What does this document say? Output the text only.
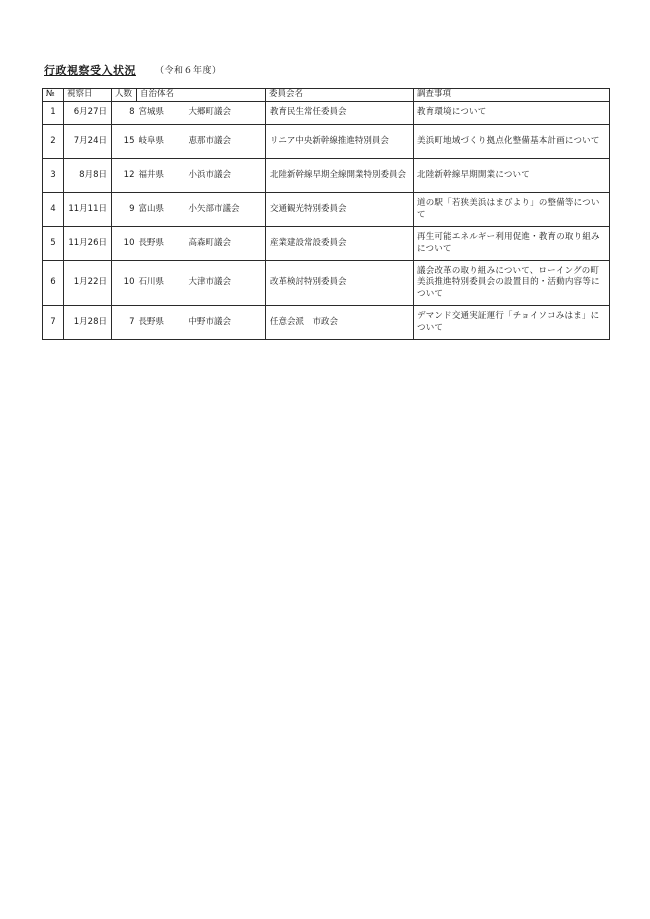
行政視察受入状況 （令和６年度）
№	視察日	人数	自治体名		委員会名	調査事項
1	6月27日	8	宮城県	大郷町議会	教育民生常任委員会	教育環境について
2	7月24日	15	岐阜県	恵那市議会	リニア中央新幹線推進特別員会	美浜町地域づくり拠点化整備基本計画について
3	8月8日	12	福井県	小浜市議会	北陸新幹線早期全線開業特別委員会	北陸新幹線早期開業について
4	11月11日	9	富山県	小矢部市議会	交通観光特別委員会	道の駅「若狭美浜はまびより」の整備等について
5	11月26日	10	長野県	高森町議会	産業建設常設委員会	再生可能エネルギー利用促進・教育の取り組みについて
6	1月22日	10	石川県	大津市議会	改革検討特別委員会	議会改革の取り組みについて、ローイングの町美浜推進特別委員会の設置目的・活動内容等について
7	1月28日	7	長野県	中野市議会	任意会派　市政会	デマンド交通実証運行「チョイソコみはま」について
